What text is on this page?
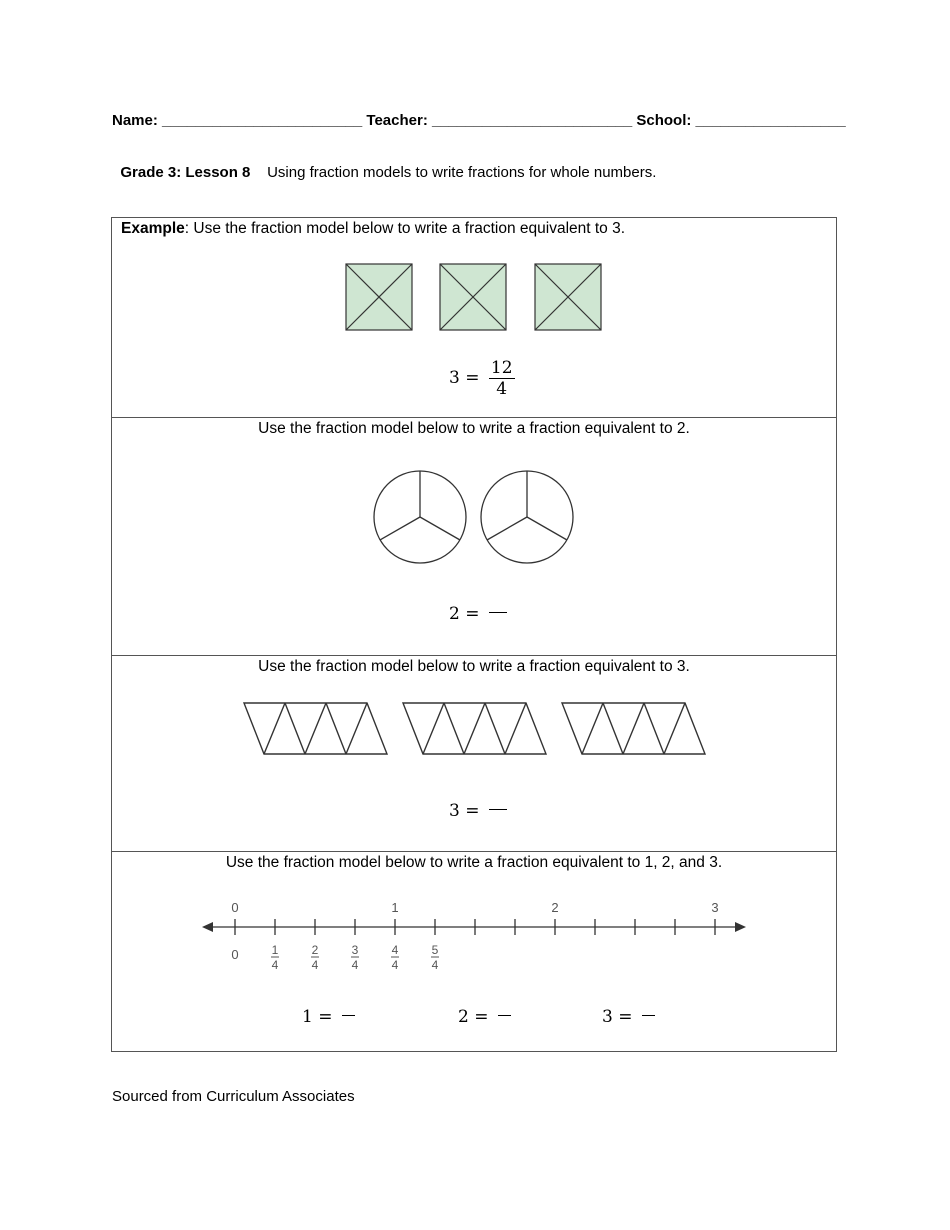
Name: ________________________ Teacher: ________________________ School: __________________

Grade 3: Lesson 8 Using fraction models to write fractions for whole numbers.

Example: Use the fraction model below to write a fraction equivalent to 3.
$3 = \frac{12}{4}$
Use the fraction model below to write a fraction equivalent to 2.
2 =
Use the fraction model below to write a fraction equivalent to 3.
3 =
Use the fraction model below to write a fraction equivalent to 1, 2, and 3.
0	1	2	3
0	1
4
2
4
3
4
4
4
5
4
1 =	2 =	3 =
Sourced from Curriculum Associates
